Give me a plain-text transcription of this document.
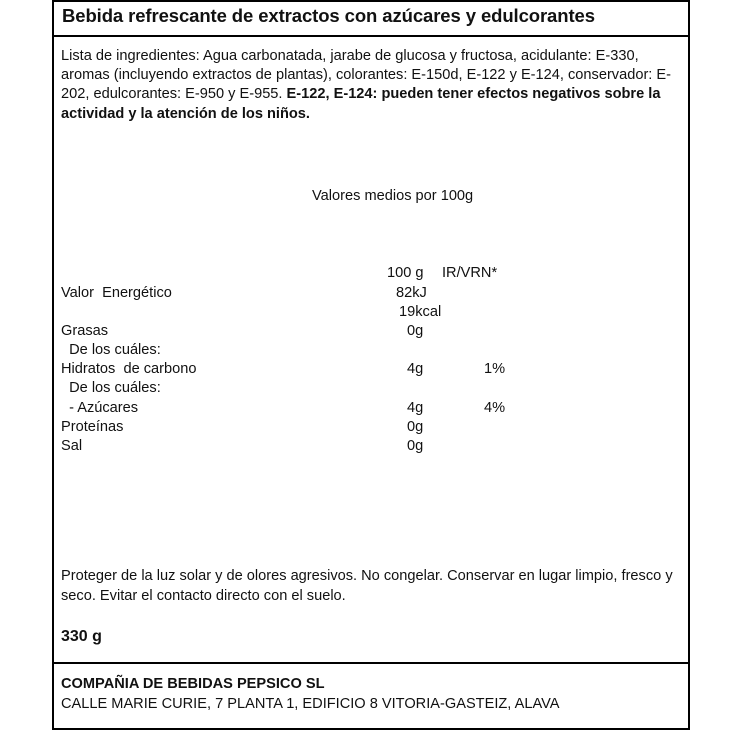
Bebida refrescante de extractos con azúcares y edulcorantes
Lista de ingredientes: Agua carbonatada, jarabe de glucosa y fructosa, acidulante: E-330, aromas (incluyendo extractos de plantas), colorantes: E-150d, E-122 y E-124, conservador: E-202, edulcorantes: E-950 y E-955. E-122, E-124: pueden tener efectos negativos sobre la actividad y la atención de los niños.
Valores medios por 100g
100 g IR/VRN*
Valor  Energético	82kJ
19kcal
Grasas	0g
De los cuáles:
Hidratos  de carbono	4g	1%
De los cuáles:
- Azúcares	4g	4%
Proteínas	0g
Sal	0g
Proteger de la luz solar y de olores agresivos. No congelar. Conservar en lugar limpio, fresco y seco. Evitar el contacto directo con el suelo.
330 g
COMPAÑIA DE BEBIDAS PEPSICO SL
CALLE MARIE CURIE, 7 PLANTA 1, EDIFICIO 8 VITORIA-GASTEIZ, ALAVA
